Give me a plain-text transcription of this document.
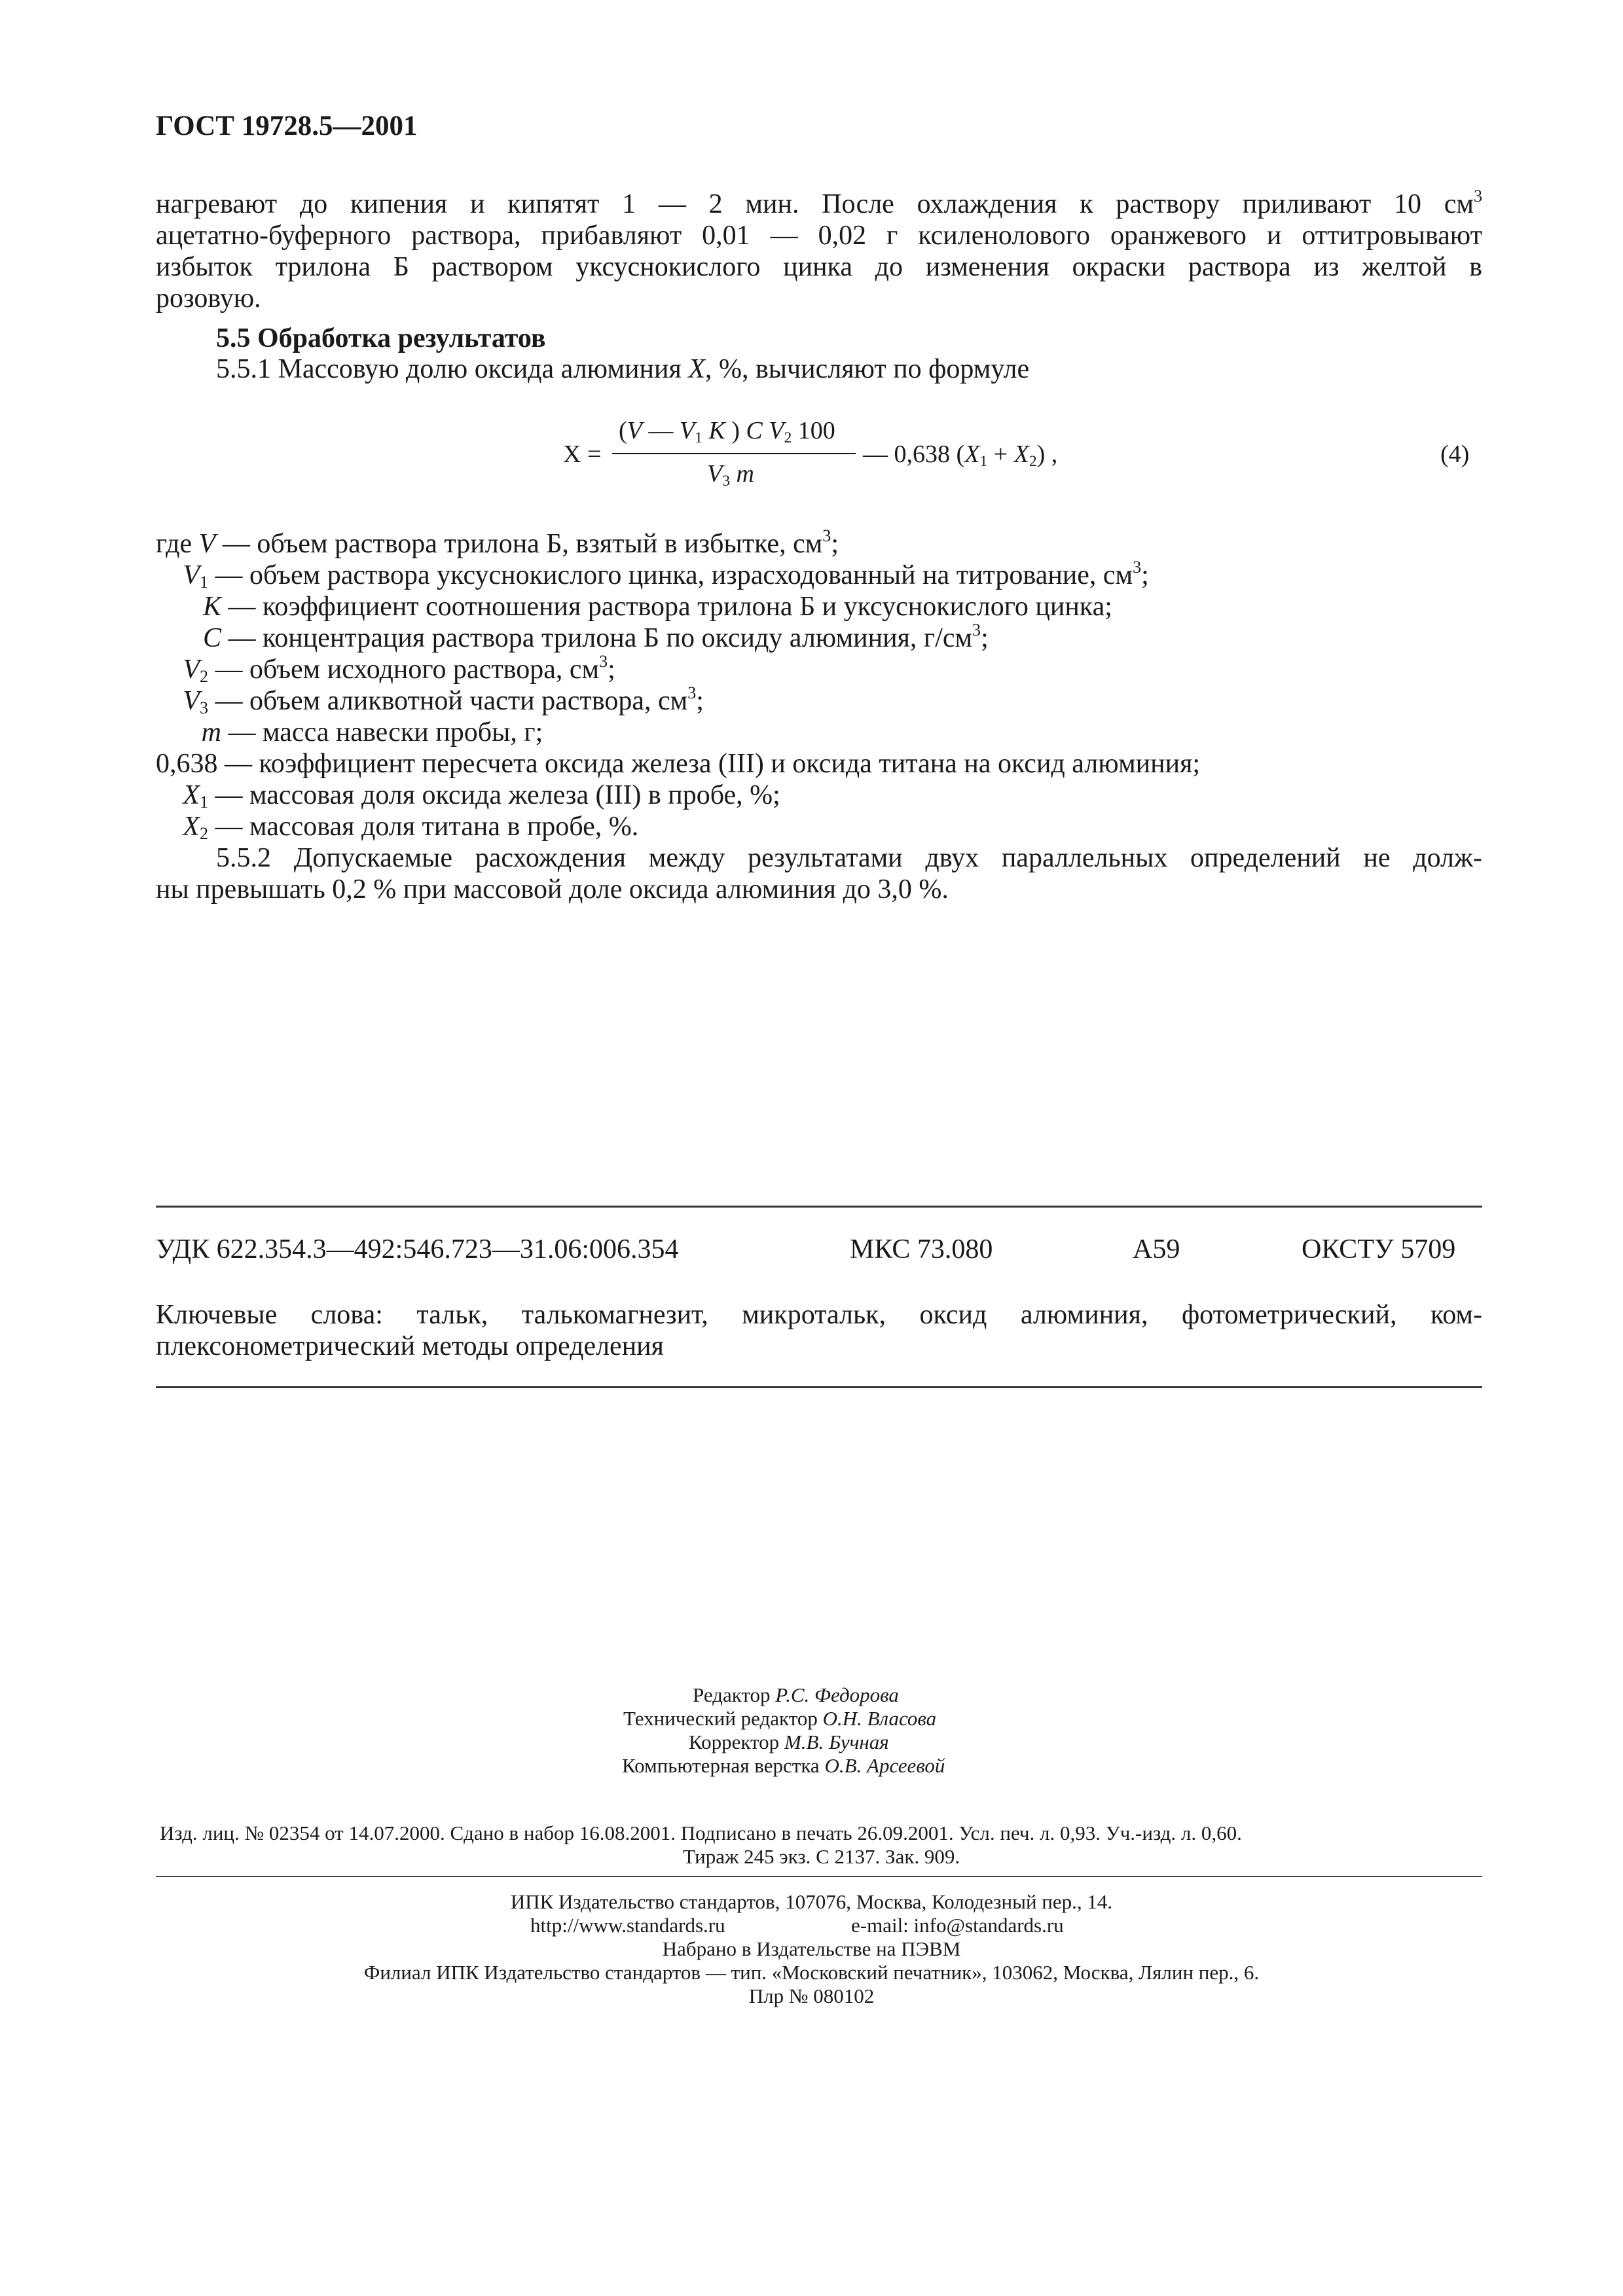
ГОСТ 19728.5—2001
нагревают до кипения и кипятят 1 — 2 мин. После охлаждения к раствору приливают 10 $см^3$
ацетатно-буферного раствора, прибавляют 0,01 — 0,02 г ксиленолового оранжевого и оттитровывают
избыток трилона Б раствором уксуснокислого цинка до изменения окраски раствора из желтой в
розовую.
5.5 Обработка результатов
5.5.1 Массовую долю оксида алюминия X, %, вычисляют по формуле
X =
(V — $V_1$ K ) C $V_2$ 100
$V_3$ m
— 0,638 $(X_1 + X_2)$ ,	(4)
где V — объем раствора трилона Б, взятый в избытке, $см^3$;
$V_1$ — объем раствора уксуснокислого цинка, израсходованный на титрование, $см^3$;
K — коэффициент соотношения раствора трилона Б и уксуснокислого цинка;
C — концентрация раствора трилона Б по оксиду алюминия, $г/см^3$;
$V_2$ — объем исходного раствора, $см^3$;
$V_3$ — объем аликвотной части раствора, $см^3$;
m — масса навески пробы, г;
0,638 — коэффициент пересчета оксида железа (III) и оксида титана на оксид алюминия;
$X_1$ — массовая доля оксида железа (III) в пробе, %;
$X_2$ — массовая доля титана в пробе, %.
5.5.2 Допускаемые расхождения между результатами двух параллельных определений не долж-
ны превышать 0,2 % при массовой доле оксида алюминия до 3,0 %.
УДК 622.354.3—492:546.723—31.06:006.354	МКС 73.080	А59	ОКСТУ 5709
Ключевые слова: тальк, талькомагнезит, микротальк, оксид алюминия, фотометрический, ком-
плексонометрический методы определения
Редактор Р.С. Федорова
Технический редактор О.Н. Власова
Корректор М.В. Бучная
Компьютерная верстка О.В. Арсеевой
Изд. лиц. № 02354 от 14.07.2000. Сдано в набор 16.08.2001. Подписано в печать 26.09.2001. Усл. печ. л. 0,93. Уч.-изд. л. 0,60.
Тираж 245 экз. С 2137. Зак. 909.
ИПК Издательство стандартов, 107076, Москва, Колодезный пер., 14.
http://www.standards.ru	e-mail: info@standards.ru
Набрано в Издательстве на ПЭВМ
Филиал ИПК Издательство стандартов — тип. «Московский печатник», 103062, Москва, Лялин пер., 6.
Плр № 080102
